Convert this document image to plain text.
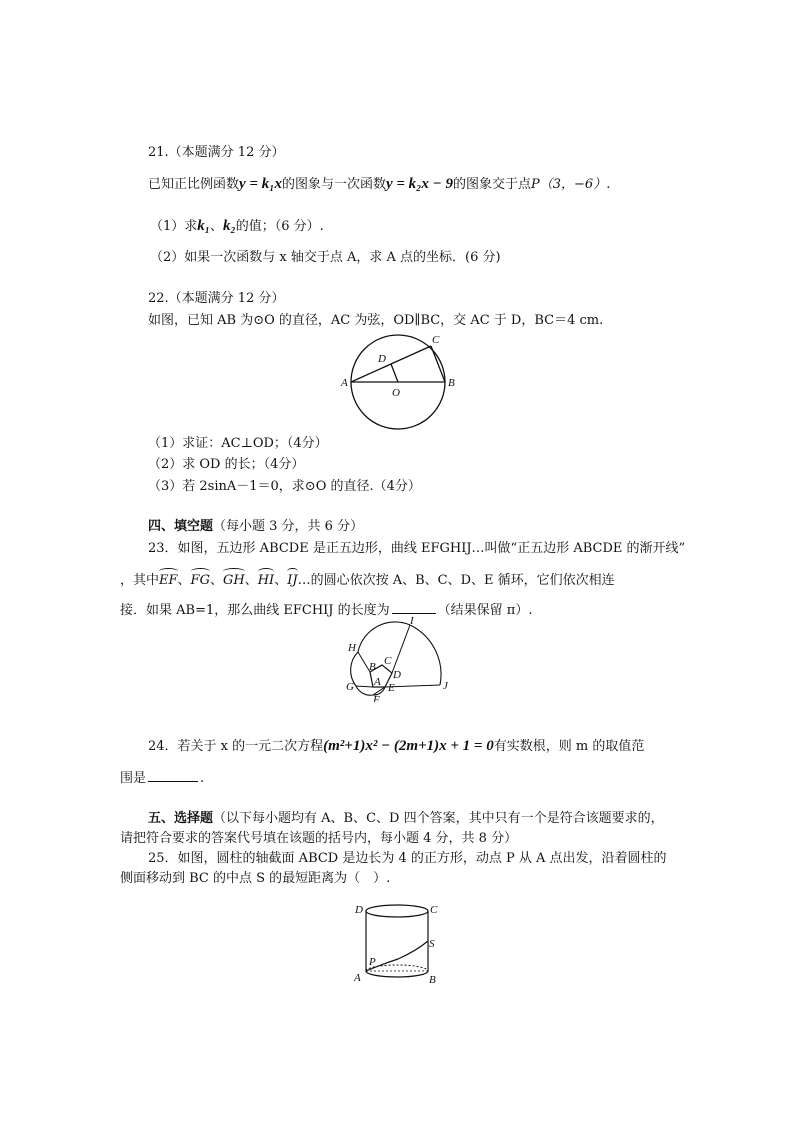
21.（本题满分 12 分）
已知正比例函数y = k₁x的图象与一次函数y = k₂x − 9的图象交于点P（3，−6）.
（1）求k₁、k₂的值；（6 分）.
（2）如果一次函数与 x 轴交于点 A，求 A 点的坐标．(6 分)
22.（本题满分 12 分）
如图，已知 AB 为⊙O 的直径，AC 为弦，OD∥BC，交 AC 于 D，BC＝4 cm.
A	B
C
D
O
（1）求证：AC⊥OD；（4分）
（2）求 OD 的长；（4分）
（3）若 2sinA－1＝0，求⊙O 的直径.（4分）
四、填空题（每小题 3 分，共 6 分）
23．如图，五边形 ABCDE 是正五边形，曲线 EFGHIJ…叫做“正五边形 ABCDE 的渐开线”
，其中EF、FG、GH、HI、IJ…的圆心依次按 A、B、C、D、E 循环，它们依次相连
接．如果 AB=1，那么曲线 EFCHIJ 的长度为	（结果保留 π）.
A
B C
D
E
F
G
H
I
J
24．若关于 x 的一元二次方程(m²+1)x² − (2m+1)x + 1 = 0有实数根，则 m 的取值范
围是	.
五、选择题（以下每小题均有 A、B、C、D 四个答案，其中只有一个是符合该题要求的，
请把符合要求的答案代号填在该题的括号内，每小题 4 分，共 8 分）
25．如图，圆柱的轴截面 ABCD 是边长为 4 的正方形，动点 P 从 A 点出发，沿着圆柱的
侧面移动到 BC 的中点 S 的最短距离为（　）.
D	C
S
P
A	B
